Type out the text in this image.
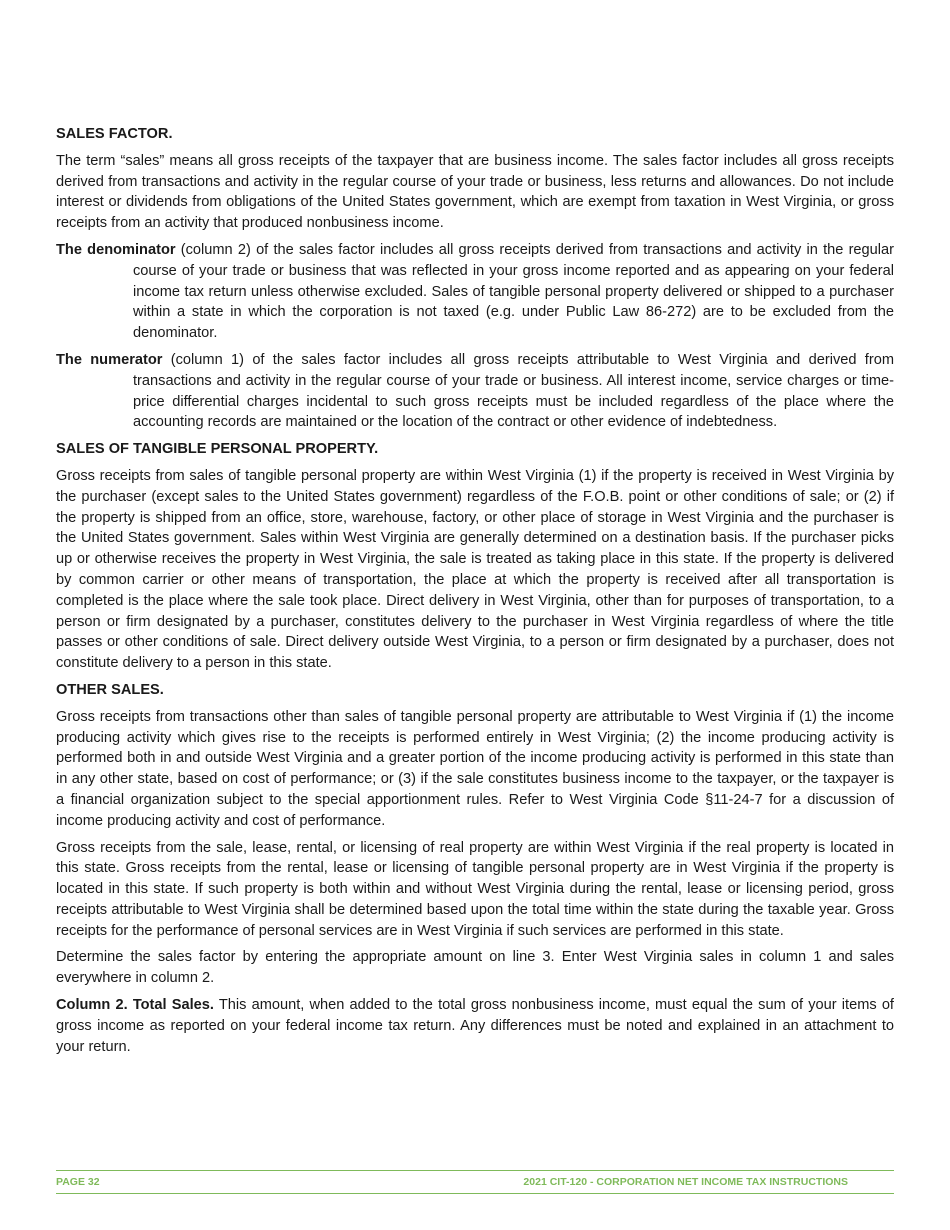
SALES FACTOR.

The term “sales” means all gross receipts of the taxpayer that are business income. The sales factor includes all gross receipts derived from transactions and activity in the regular course of your trade or business, less returns and allowances. Do not include interest or dividends from obligations of the United States government, which are exempt from taxation in West Virginia, or gross receipts from an activity that produced nonbusiness income.

The denominator (column 2) of the sales factor includes all gross receipts derived from transactions and activity in the regular course of your trade or business that was reflected in your gross income reported and as appearing on your federal income tax return unless otherwise excluded. Sales of tangible personal property delivered or shipped to a purchaser within a state in which the corporation is not taxed (e.g. under Public Law 86-272) are to be excluded from the denominator.

The numerator (column 1) of the sales factor includes all gross receipts attributable to West Virginia and derived from transactions and activity in the regular course of your trade or business. All interest income, service charges or time-price differential charges incidental to such gross receipts must be included regardless of the place where the accounting records are maintained or the location of the contract or other evidence of indebtedness.

SALES OF TANGIBLE PERSONAL PROPERTY.

Gross receipts from sales of tangible personal property are within West Virginia (1) if the property is received in West Virginia by the purchaser (except sales to the United States government) regardless of the F.O.B. point or other conditions of sale; or (2) if the property is shipped from an office, store, warehouse, factory, or other place of storage in West Virginia and the purchaser is the United States government. Sales within West Virginia are generally determined on a destination basis. If the purchaser picks up or otherwise receives the property in West Virginia, the sale is treated as taking place in this state. If the property is delivered by common carrier or other means of transportation, the place at which the property is received after all transportation is completed is the place where the sale took place. Direct delivery in West Virginia, other than for purposes of transportation, to a person or firm designated by a purchaser, constitutes delivery to the purchaser in West Virginia regardless of where the title passes or other conditions of sale. Direct delivery outside West Virginia, to a person or firm designated by a purchaser, does not constitute delivery to a person in this state.

OTHER SALES.

Gross receipts from transactions other than sales of tangible personal property are attributable to West Virginia if (1) the income producing activity which gives rise to the receipts is performed entirely in West Virginia; (2) the income producing activity is performed both in and outside West Virginia and a greater portion of the income producing activity is performed in this state than in any other state, based on cost of performance; or (3) if the sale constitutes business income to the taxpayer, or the taxpayer is a financial organization subject to the special apportionment rules. Refer to West Virginia Code §11-24-7 for a discussion of income producing activity and cost of performance.

Gross receipts from the sale, lease, rental, or licensing of real property are within West Virginia if the real property is located in this state. Gross receipts from the rental, lease or licensing of tangible personal property are in West Virginia if the property is located in this state. If such property is both within and without West Virginia during the rental, lease or licensing period, gross receipts attributable to West Virginia shall be determined based upon the total time within the state during the taxable year. Gross receipts for the performance of personal services are in West Virginia if such services are performed in this state.

Determine the sales factor by entering the appropriate amount on line 3. Enter West Virginia sales in column 1 and sales everywhere in column 2.

Column 2. Total Sales. This amount, when added to the total gross nonbusiness income, must equal the sum of your items of gross income as reported on your federal income tax return. Any differences must be noted and explained in an attachment to your return.

PAGE 32	2021 CIT-120 - CORPORATION NET INCOME TAX INSTRUCTIONS
